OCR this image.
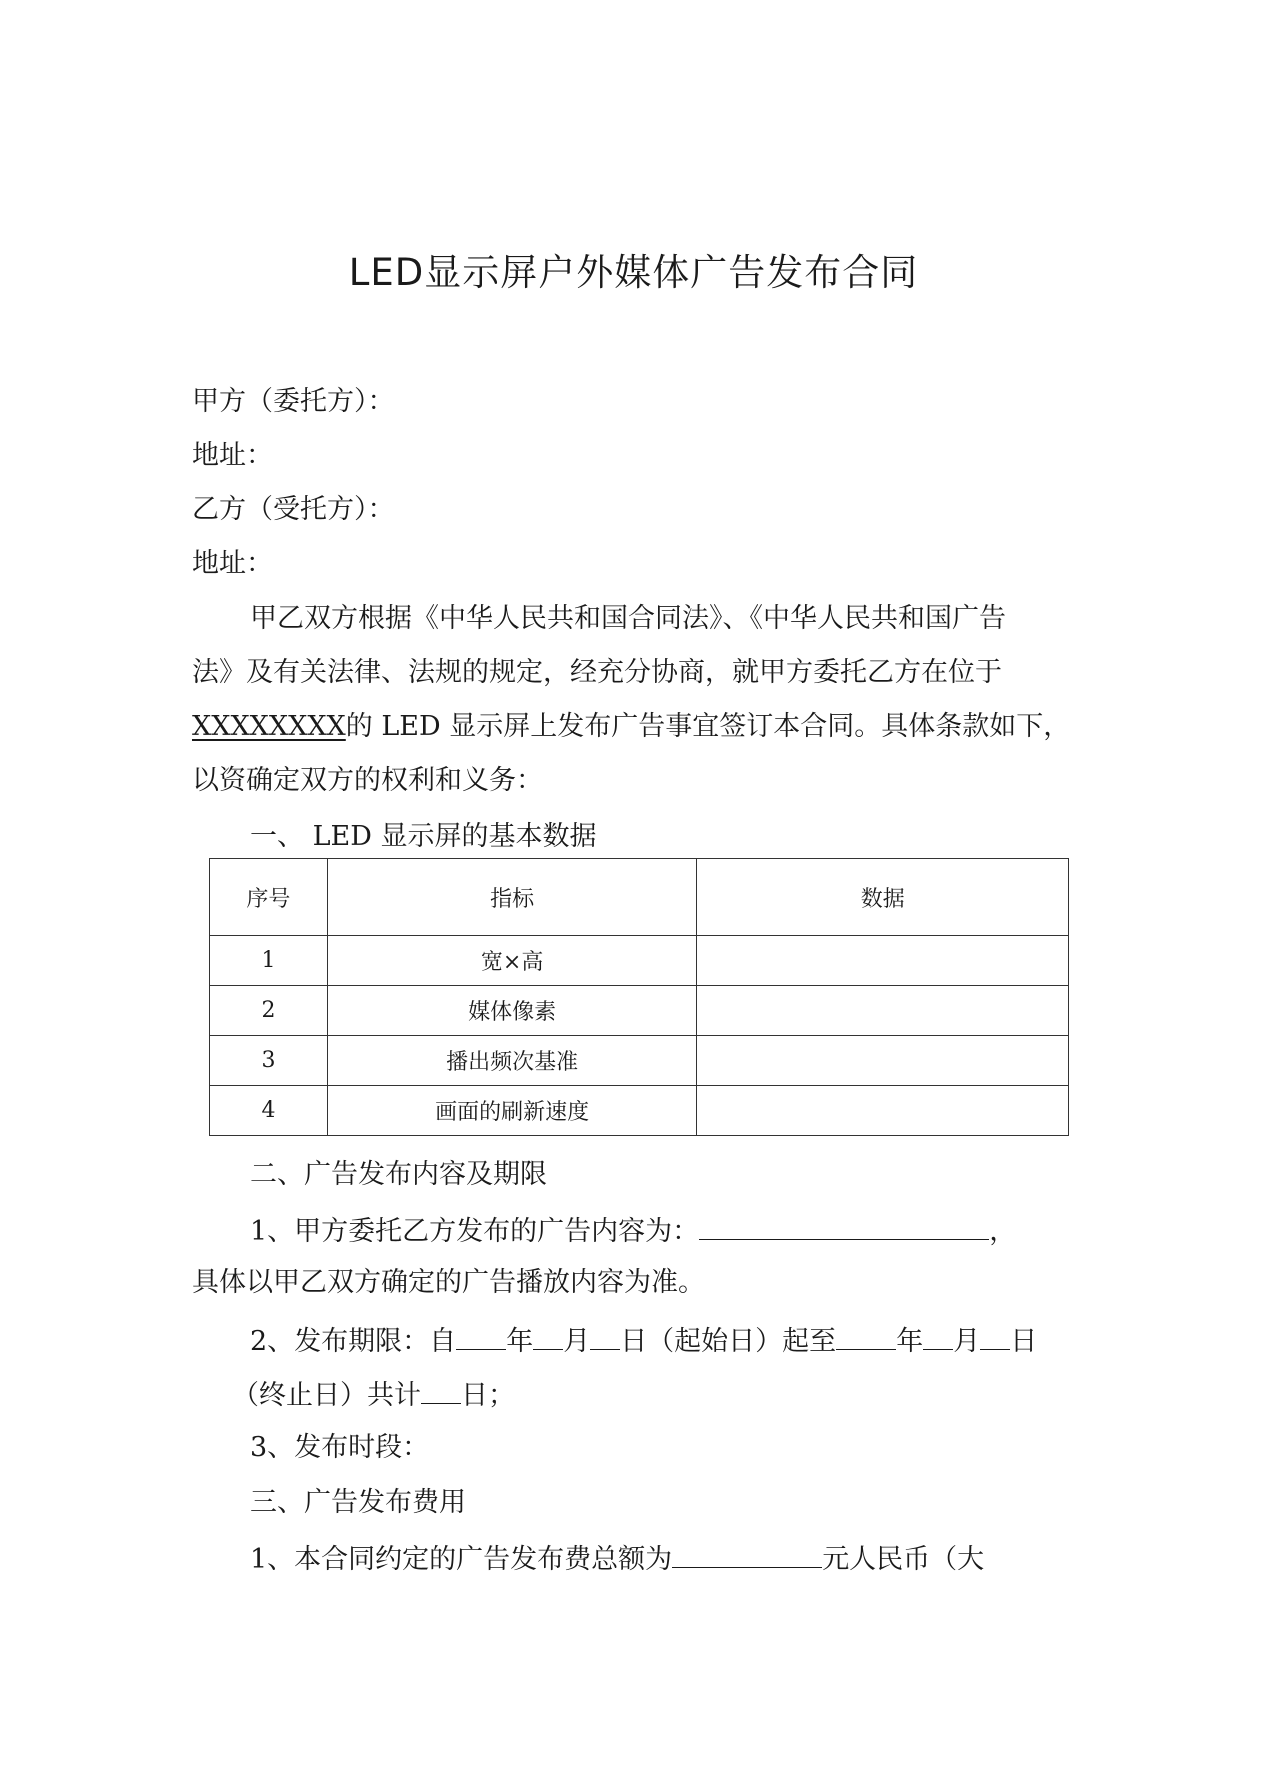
LED显示屏户外媒体广告发布合同
甲方（委托方）：
地址：
乙方（受托方）：
地址：
甲乙双方根据《中华人民共和国合同法》、《中华人民共和国广告
法》及有关法律、法规的规定，经充分协商，就甲方委托乙方在位于
XXXXXXXX的 LED 显示屏上发布广告事宜签订本合同。具体条款如下，
以资确定双方的权利和义务：
一、 LED 显示屏的基本数据
序号	指标	数据
1	宽×高	
2	媒体像素	
3	播出频次基准	
4	画面的刷新速度	
二、广告发布内容及期限
1、甲方委托乙方发布的广告内容为：	，
具体以甲乙双方确定的广告播放内容为准。
2、发布期限：自 年 月 日（起始日）起至 年 月 日
（终止日）共计 日；
3、发布时段：
三、广告发布费用
1、本合同约定的广告发布费总额为	元人民币（大
